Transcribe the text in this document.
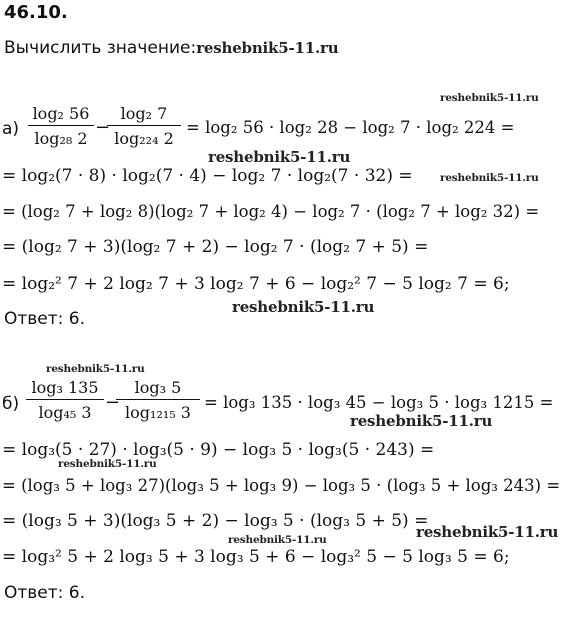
46.10.
Вычислить значение:reshebnik5-11.ru
reshebnik5-11.ru
$а) \frac{\text{log₂ 56}}{\text{log₂₈ 2}}$ −
$\frac{\text{log₂ 7}}{\text{log₂₂₄ 2}} = \log_2$ 56 · log₂ 28 − log₂ 7 · log₂ 224 =
reshebnik5-11.ru
= log₂(7 · 8) · log₂(7 · 4) − log₂ 7 · log₂(7 · 32) =	reshebnik5-11.ru
= (log₂ 7 + log₂ 8)(log₂ 7 + log₂ 4) − log₂ 7 · (log₂ 7 + log₂ 32) =
= (log₂ 7 + 3)(log₂ 7 + 2) − log₂ 7 · (log₂ 7 + 5) =
= log₂² 7 + 2 log₂ 7 + 3 log₂ 7 + 6 − log₂² 7 − 5 log₂ 7 = 6;
reshebnik5-11.ru
Ответ: 6.
reshebnik5-11.ru
$б) \frac{\text{log₃ 135}}{\text{log₄₅ 3}}$ −
$\frac{\text{log₃ 5}}{\text{log₁₂₁₅ 3}} = \log_3$ 135 · log₃ 45 − log₃ 5 · log₃ 1215 =
reshebnik5-11.ru
= log₃(5 · 27) · log₃(5 · 9) − log₃ 5 · log₃(5 · 243) =
reshebnik5-11.ru
= (log₃ 5 + log₃ 27)(log₃ 5 + log₃ 9) − log₃ 5 · (log₃ 5 + log₃ 243) =
= (log₃ 5 + 3)(log₃ 5 + 2) − log₃ 5 · (log₃ 5 + 5) =
reshebnik5-11.ru
reshebnik5-11.ru
= log₃² 5 + 2 log₃ 5 + 3 log₃ 5 + 6 − log₃² 5 − 5 log₃ 5 = 6;
Ответ: 6.
